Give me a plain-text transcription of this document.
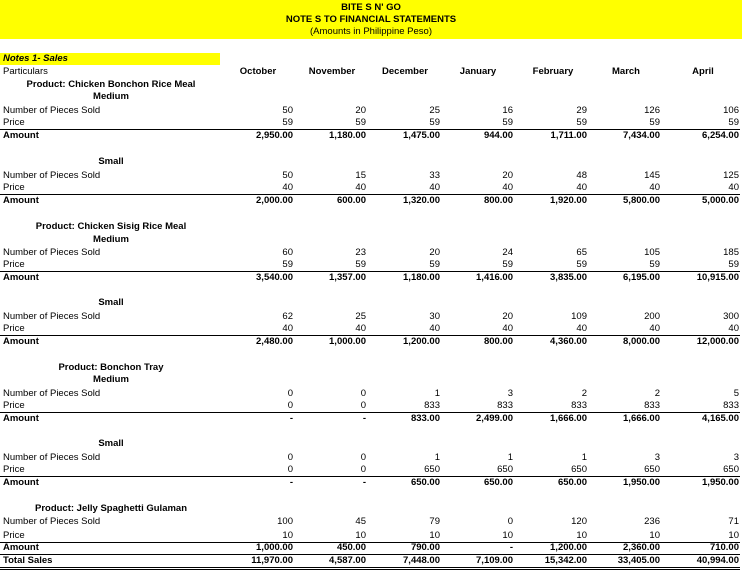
BITE S N' GO
NOTE S TO FINANCIAL STATEMENTS
(Amounts in Philippine Peso)
Notes 1- Sales
Particulars	October	November	December	January	February	March	April
Product: Chicken Bonchon Rice Meal
Medium
Number of Pieces Sold	50	20	25	16	29	126	106
Price	59	59	59	59	59	59	59
Amount	2,950.00	1,180.00	1,475.00	944.00	1,711.00	7,434.00	6,254.00
Small
Number of Pieces Sold	50	15	33	20	48	145	125
Price	40	40	40	40	40	40	40
Amount	2,000.00	600.00	1,320.00	800.00	1,920.00	5,800.00	5,000.00
Product: Chicken Sisig Rice Meal
Medium
Number of Pieces Sold	60	23	20	24	65	105	185
Price	59	59	59	59	59	59	59
Amount	3,540.00	1,357.00	1,180.00	1,416.00	3,835.00	6,195.00	10,915.00
Small
Number of Pieces Sold	62	25	30	20	109	200	300
Price	40	40	40	40	40	40	40
Amount	2,480.00	1,000.00	1,200.00	800.00	4,360.00	8,000.00	12,000.00
Product: Bonchon Tray
Medium
Number of Pieces Sold	0	0	1	3	2	2	5
Price	0	0	833	833	833	833	833
Amount	-	-	833.00	2,499.00	1,666.00	1,666.00	4,165.00
Small
Number of Pieces Sold	0	0	1	1	1	3	3
Price	0	0	650	650	650	650	650
Amount	-	-	650.00	650.00	650.00	1,950.00	1,950.00
Product: Jelly Spaghetti Gulaman
Number of Pieces Sold	100	45	79	0	120	236	71
Price	10	10	10	10	10	10	10
Amount	1,000.00	450.00	790.00	-	1,200.00	2,360.00	710.00
Total Sales	11,970.00	4,587.00	7,448.00	7,109.00	15,342.00	33,405.00	40,994.00
